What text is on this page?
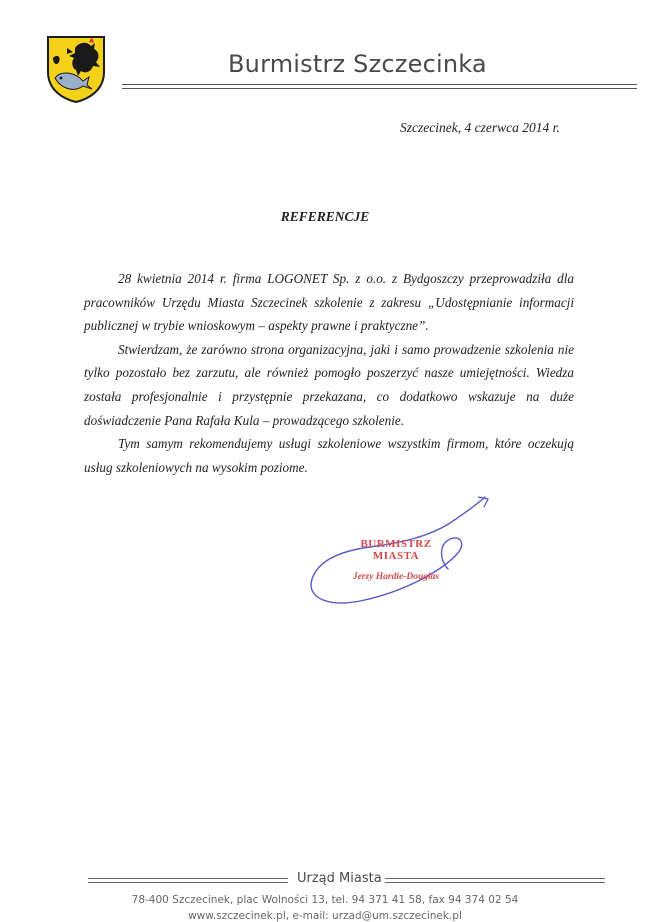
Burmistrz Szczecinka
Szczecinek, 4 czerwca 2014 r.
REFERENCJE

28 kwietnia 2014 r. firma LOGONET Sp. z o.o. z Bydgoszczy przeprowadziła dla pracowników Urzędu Miasta Szczecinek szkolenie z zakresu „Udostępnianie informacji publicznej w trybie wnioskowym – aspekty prawne i praktyczne”.

Stwierdzam, że zarówno strona organizacyjna, jaki i samo prowadzenie szkolenia nie tylko pozostało bez zarzutu, ale również pomogło poszerzyć nasze umiejętności. Wiedza została profesjonalnie i przystępnie przekazana, co dodatkowo wskazuje na duże doświadczenie Pana Rafała Kula – prowadzącego szkolenie.

Tym samym rekomendujemy usługi szkoleniowe wszystkim firmom, które oczekują usług szkoleniowych na wysokim poziome.

BURMISTRZ MIASTA
Jerzy Hardie-Douglas
Urząd Miasta
78-400 Szczecinek, plac Wolności 13, tel. 94 371 41 58, fax 94 374 02 54
www.szczecinek.pl, e-mail: urzad@um.szczecinek.pl
